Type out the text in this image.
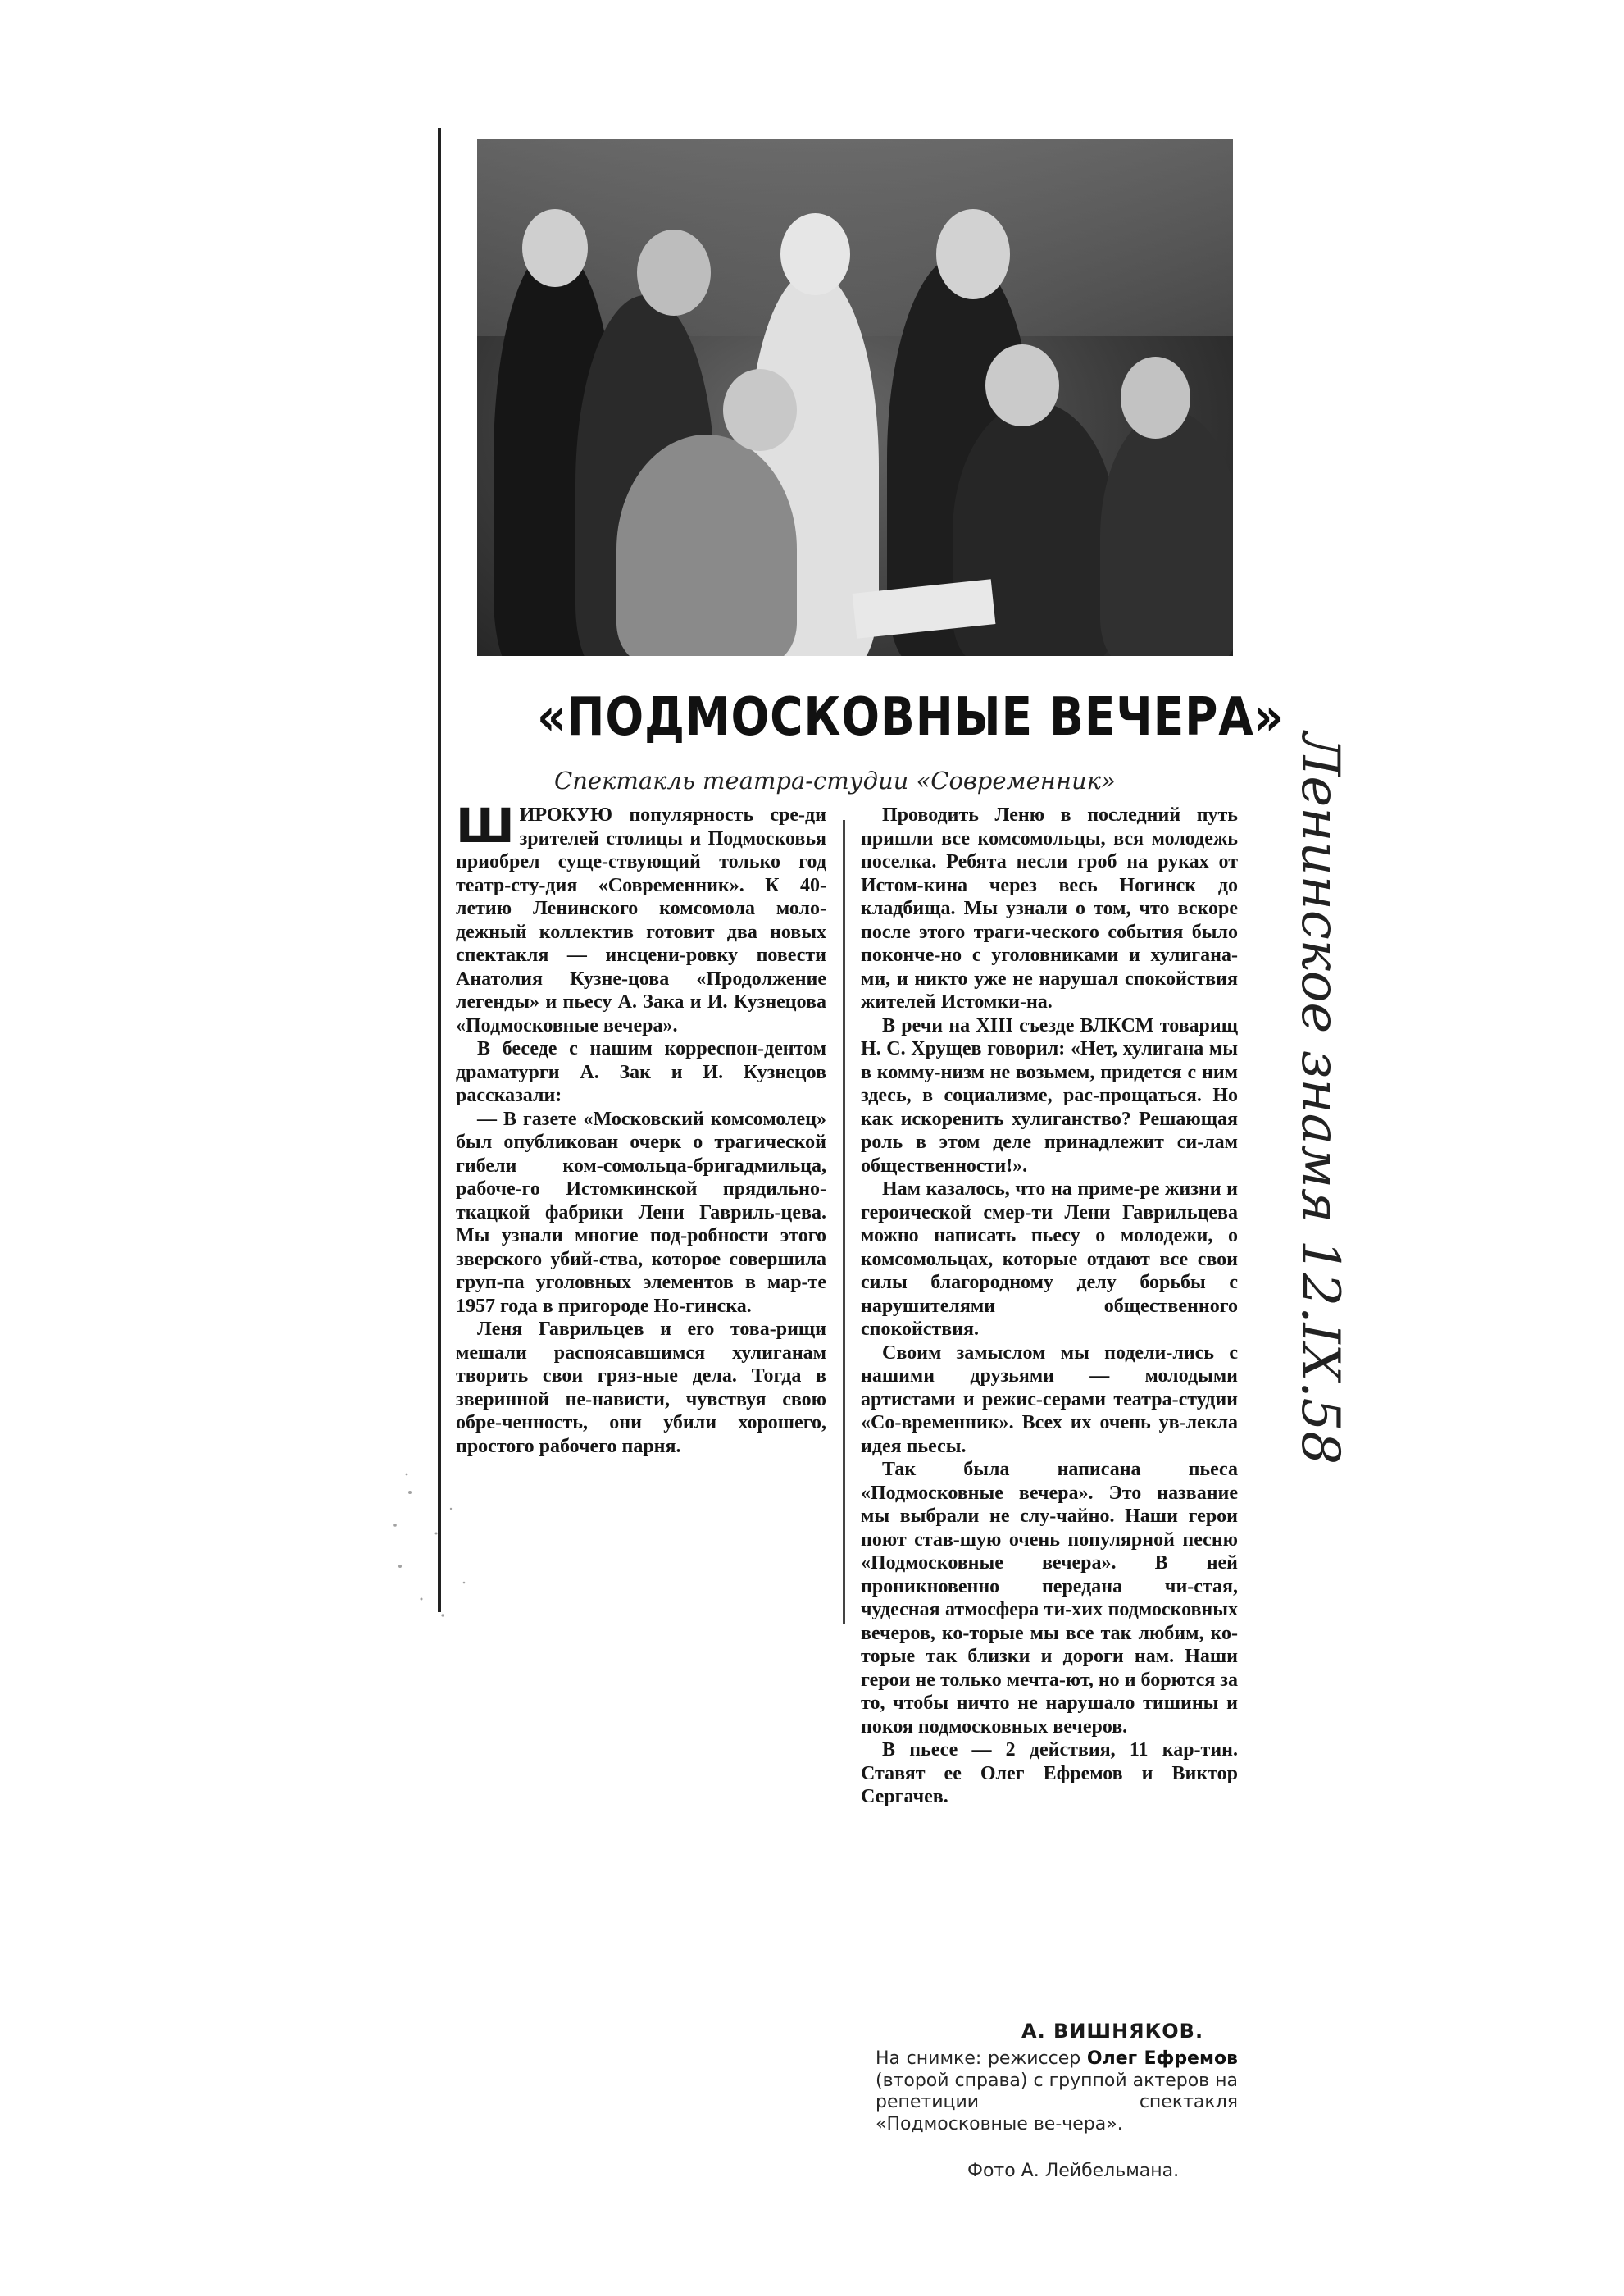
«ПОДМОСКОВНЫЕ ВЕЧЕРА»
Спектакль театра-студии «Современник»

ШИРОКУЮ популярность сре-ди зрителей столицы и Подмосковья приобрел суще-ствующий только год театр-сту-дия «Современник». К 40-летию Ленинского комсомола моло-дежный коллектив готовит два новых спектакля — инсцени-ровку повести Анатолия Кузне-цова «Продолжение легенды» и пьесу А. Зака и И. Кузнецова «Подмосковные вечера».

В беседе с нашим корреспон-дентом драматурги А. Зак и И. Кузнецов рассказали:

— В газете «Московский комсомолец» был опубликован очерк о трагической гибели ком-сомольца-бригадмильца, рабоче-го Истомкинской прядильно-ткацкой фабрики Лени Гавриль-цева. Мы узнали многие под-робности этого зверского убий-ства, которое совершила груп-па уголовных элементов в мар-те 1957 года в пригороде Но-гинска.

Леня Гаврильцев и его това-рищи мешали распоясавшимся хулиганам творить свои гряз-ные дела. Тогда в зверинной не-нависти, чувствуя свою обре-ченность, они убили хорошего, простого рабочего парня.

Проводить Леню в последний путь пришли все комсомольцы, вся молодежь поселка. Ребята несли гроб на руках от Истом-кина через весь Ногинск до кладбища. Мы узнали о том, что вскоре после этого траги-ческого события было покончe-но с уголовниками и хулигана-ми, и никто уже не нарушал спокойствия жителей Истомки-на.

В речи на XIII съезде ВЛКСМ товарищ Н. С. Хрущев говорил: «Нет, хулигана мы в комму-низм не возьмем, придется с ним здесь, в социализме, рас-прощаться. Но как искоренить хулиганство? Решающая роль в этом деле принадлежит си-лам общественности!».

Нам казалось, что на приме-ре жизни и героической смер-ти Лени Гаврильцева можно написать пьесу о молодежи, о комсомольцах, которые отдают все свои силы благородному делу борьбы с нарушителями общественного спокойствия.

Своим замыслом мы подели-лись с нашими друзьями — молодыми артистами и режис-серами театра-студии «Со-временник». Всех их очень ув-лекла идея пьесы.

Так была написана пьеса «Подмосковные вечера». Это название мы выбрали не слу-чайно. Наши герои поют став-шую очень популярной песню «Подмосковные вечера». В ней проникновенно передана чи-стая, чудесная атмосфера ти-хих подмосковных вечеров, ко-торые мы все так любим, ко-торые так близки и дороги нам. Наши герои не только мечта-ют, но и борются за то, чтобы ничто не нарушало тишины и покоя подмосковных вечеров.

В пьесе — 2 действия, 11 кар-тин. Ставят ее Олег Ефремов и Виктор Сергачев.

А. ВИШНЯКОВ.
На снимке: режиссер Олег Ефремов (второй справа) с группой актеров на репетиции спектакля «Подмосковные ве-чера».
Фото А. Лейбельмана.
Ленинское знамя 12.IX.58
